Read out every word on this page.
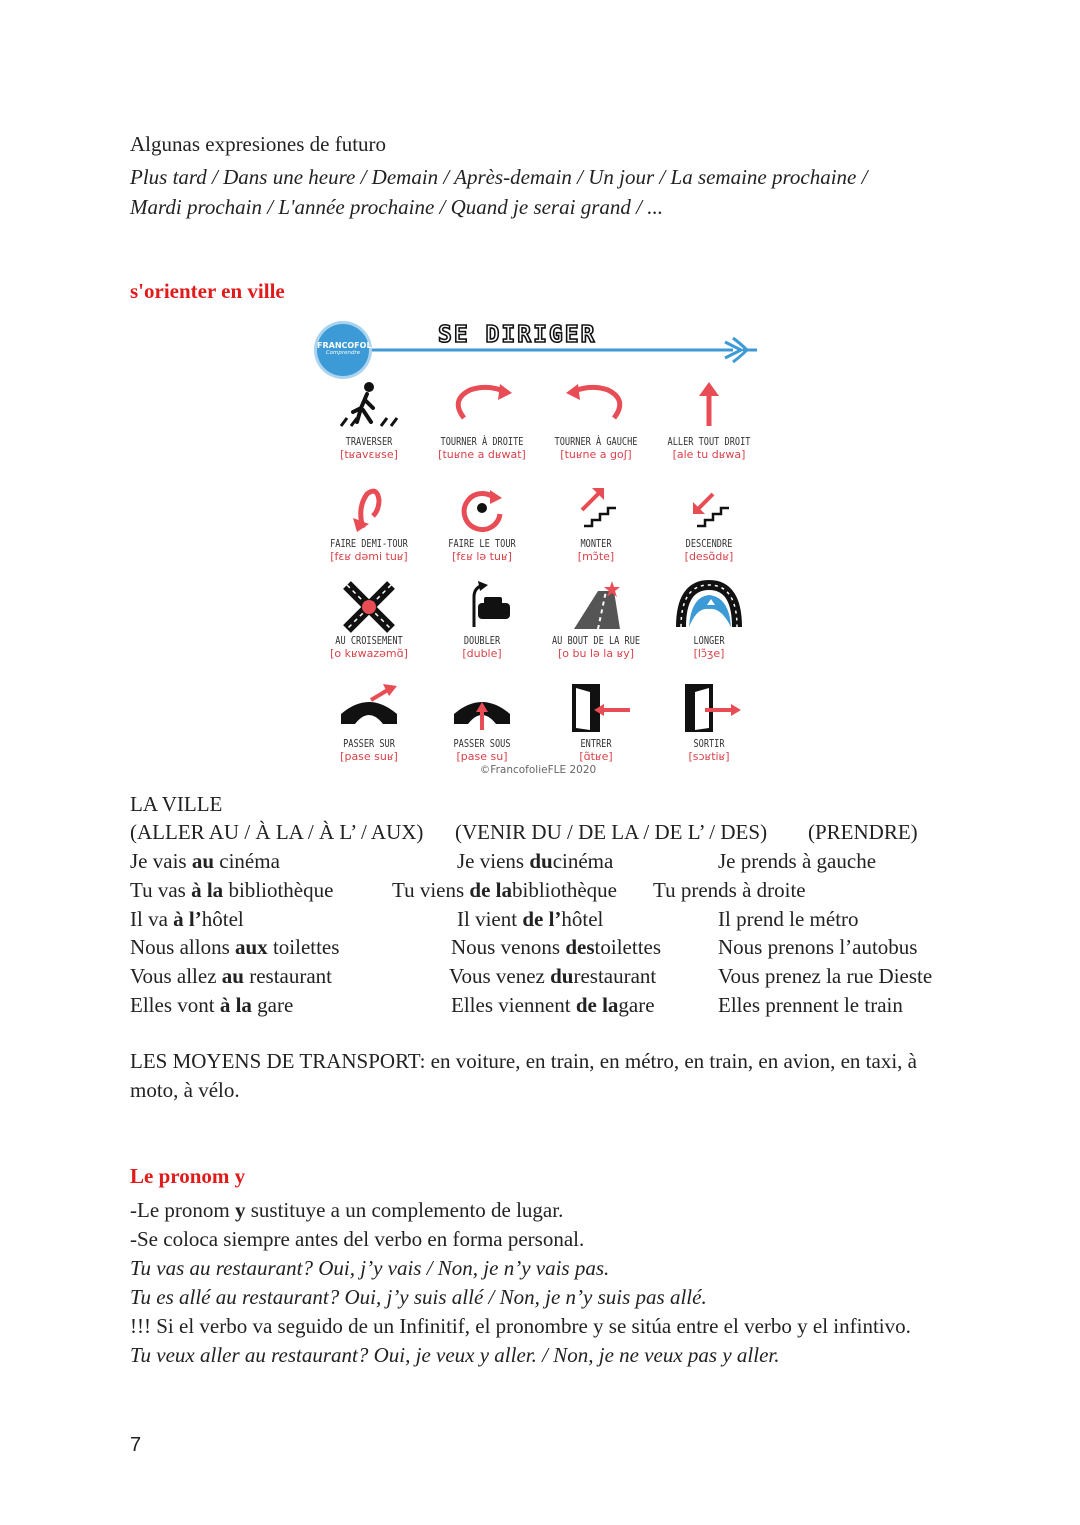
Algunas expresiones de futuro
Plus tard / Dans une heure / Demain / Après-demain / Un jour / La semaine prochaine /
Mardi prochain / L'année prochaine / Quand je serai grand / ...
s'orienter en ville
SE DIRIGER
FRANCOFOLIE
Comprendre
TRAVERSER
[tʁavɛʁse]
TOURNER À DROITE
[tuʁne a dʁwat]
TOURNER À GAUCHE
[tuʁne a goʃ]
ALLER TOUT DROIT
[ale tu dʁwa]
FAIRE DEMI-TOUR
[fɛʁ dəmi tuʁ]
FAIRE LE TOUR
[fɛʁ lə tuʁ]
MONTER
[mɔ̃te]
DESCENDRE
[desɑ̃dʁ]
AU CROISEMENT
[o kʁwazəmɑ̃]
DOUBLER
[duble]
AU BOUT DE LA RUE
[o bu lə la ʁy]
LONGER
[lɔ̃ʒe]
PASSER SUR
[pase suʁ]
PASSER SOUS
[pase su]
ENTRER
[ɑ̃tʁe]
SORTIR
[sɔʁtiʁ]
©FrancofolieFLE 2020
LA VILLE
(ALLER AU / À LA / À L’ / AUX) (VENIR DU / DE LA / DE L’ / DES) (PRENDRE)
Je vais au cinéma	Je viens ducinéma	Je prends à gauche
Tu vas à la bibliothèque	Tu viens de labibliothèque Tu prends à droite
Il va à l’hôtel	Il vient de l’hôtel	Il prend le métro
Nous allons aux toilettes	Nous venons destoilettes	Nous prenons l’autobus
Vous allez au restaurant	Vous venez durestaurant	Vous prenez la rue Dieste
Elles vont à la gare	Elles viennent de lagare	Elles prennent le train
LES MOYENS DE TRANSPORT: en voiture, en train, en métro, en train, en avion, en taxi, à
moto, à vélo.
Le pronom y
-Le pronom y sustituye a un complemento de lugar.
-Se coloca siempre antes del verbo en forma personal.
Tu vas au restaurant? Oui, j’y vais / Non, je n’y vais pas.
Tu es allé au restaurant? Oui, j’y suis allé / Non, je n’y suis pas allé.
!!! Si el verbo va seguido de un Infinitif, el pronombre y se sitúa entre el verbo y el infintivo.
Tu veux aller au restaurant? Oui, je veux y aller. / Non, je ne veux pas y aller.
7
